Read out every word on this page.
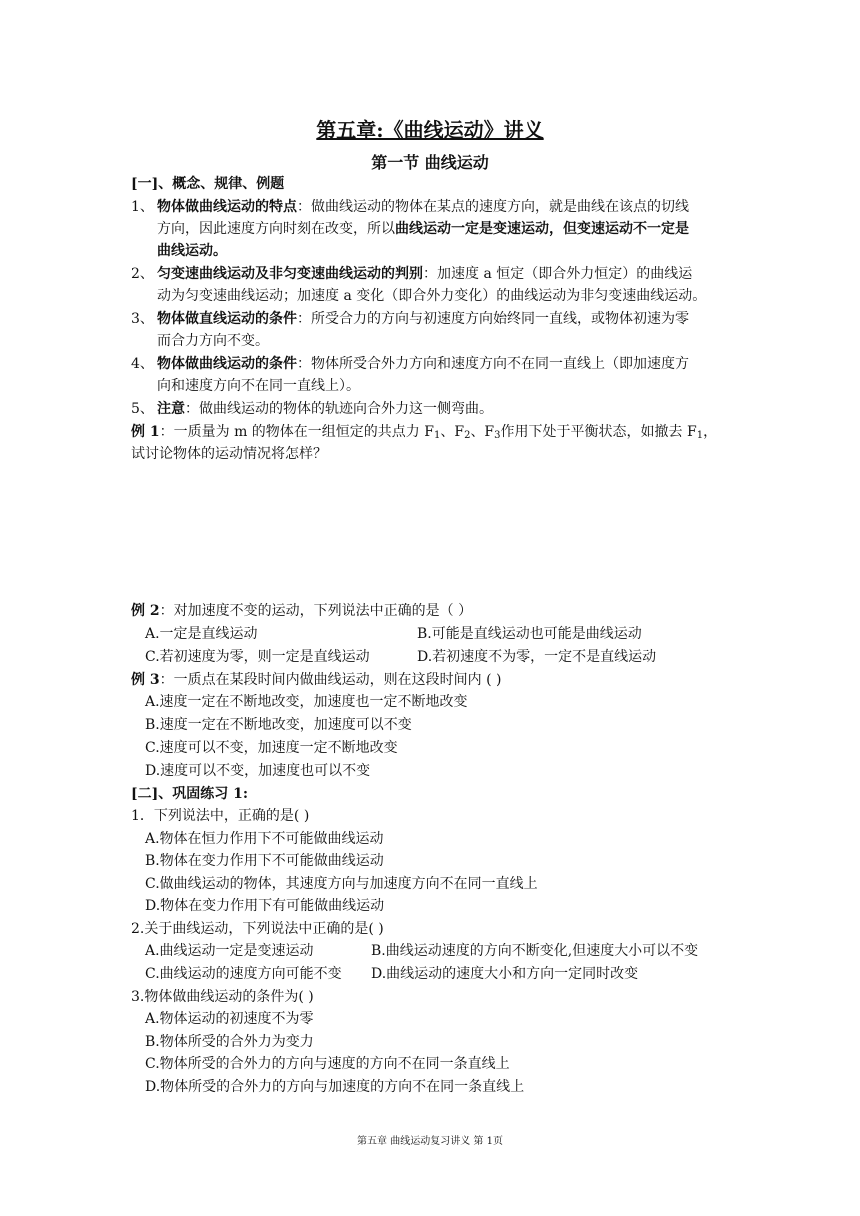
第五章:《曲线运动》讲义
第一节 曲线运动
[一]、概念、规律、例题
1、 物体做曲线运动的特点：做曲线运动的物体在某点的速度方向，就是曲线在该点的切线
方向，因此速度方向时刻在改变，所以曲线运动一定是变速运动，但变速运动不一定是
曲线运动。
2、 匀变速曲线运动及非匀变速曲线运动的判别：加速度 a 恒定（即合外力恒定）的曲线运
动为匀变速曲线运动；加速度 a 变化（即合外力变化）的曲线运动为非匀变速曲线运动。
3、 物体做直线运动的条件：所受合力的方向与初速度方向始终同一直线，或物体初速为零
而合力方向不变。
4、 物体做曲线运动的条件：物体所受合外力方向和速度方向不在同一直线上（即加速度方
向和速度方向不在同一直线上）。
5、 注意：做曲线运动的物体的轨迹向合外力这一侧弯曲。
例 1：一质量为 m 的物体在一组恒定的共点力 $F_1$、$F_2$、$F_3$作用下处于平衡状态，如撤去 $F_1$，
试讨论物体的运动情况将怎样？
例 2：对加速度不变的运动，下列说法中正确的是（ ）
A.一定是直线运动	B.可能是直线运动也可能是曲线运动
C.若初速度为零，则一定是直线运动	D.若初速度不为零，一定不是直线运动
例 3：一质点在某段时间内做曲线运动，则在这段时间内 ( )
A.速度一定在不断地改变，加速度也一定不断地改变
B.速度一定在不断地改变，加速度可以不变
C.速度可以不变，加速度一定不断地改变
D.速度可以不变，加速度也可以不变
[二]、巩固练习 1:
1．下列说法中，正确的是( )
A.物体在恒力作用下不可能做曲线运动
B.物体在变力作用下不可能做曲线运动
C.做曲线运动的物体，其速度方向与加速度方向不在同一直线上
D.物体在变力作用下有可能做曲线运动
2.关于曲线运动，下列说法中正确的是( )
A.曲线运动一定是变速运动	B.曲线运动速度的方向不断变化,但速度大小可以不变
C.曲线运动的速度方向可能不变 D.曲线运动的速度大小和方向一定同时改变
3.物体做曲线运动的条件为( )
A.物体运动的初速度不为零
B.物体所受的合外力为变力
C.物体所受的合外力的方向与速度的方向不在同一条直线上
D.物体所受的合外力的方向与加速度的方向不在同一条直线上
第五章 曲线运动复习讲义 第 1页
